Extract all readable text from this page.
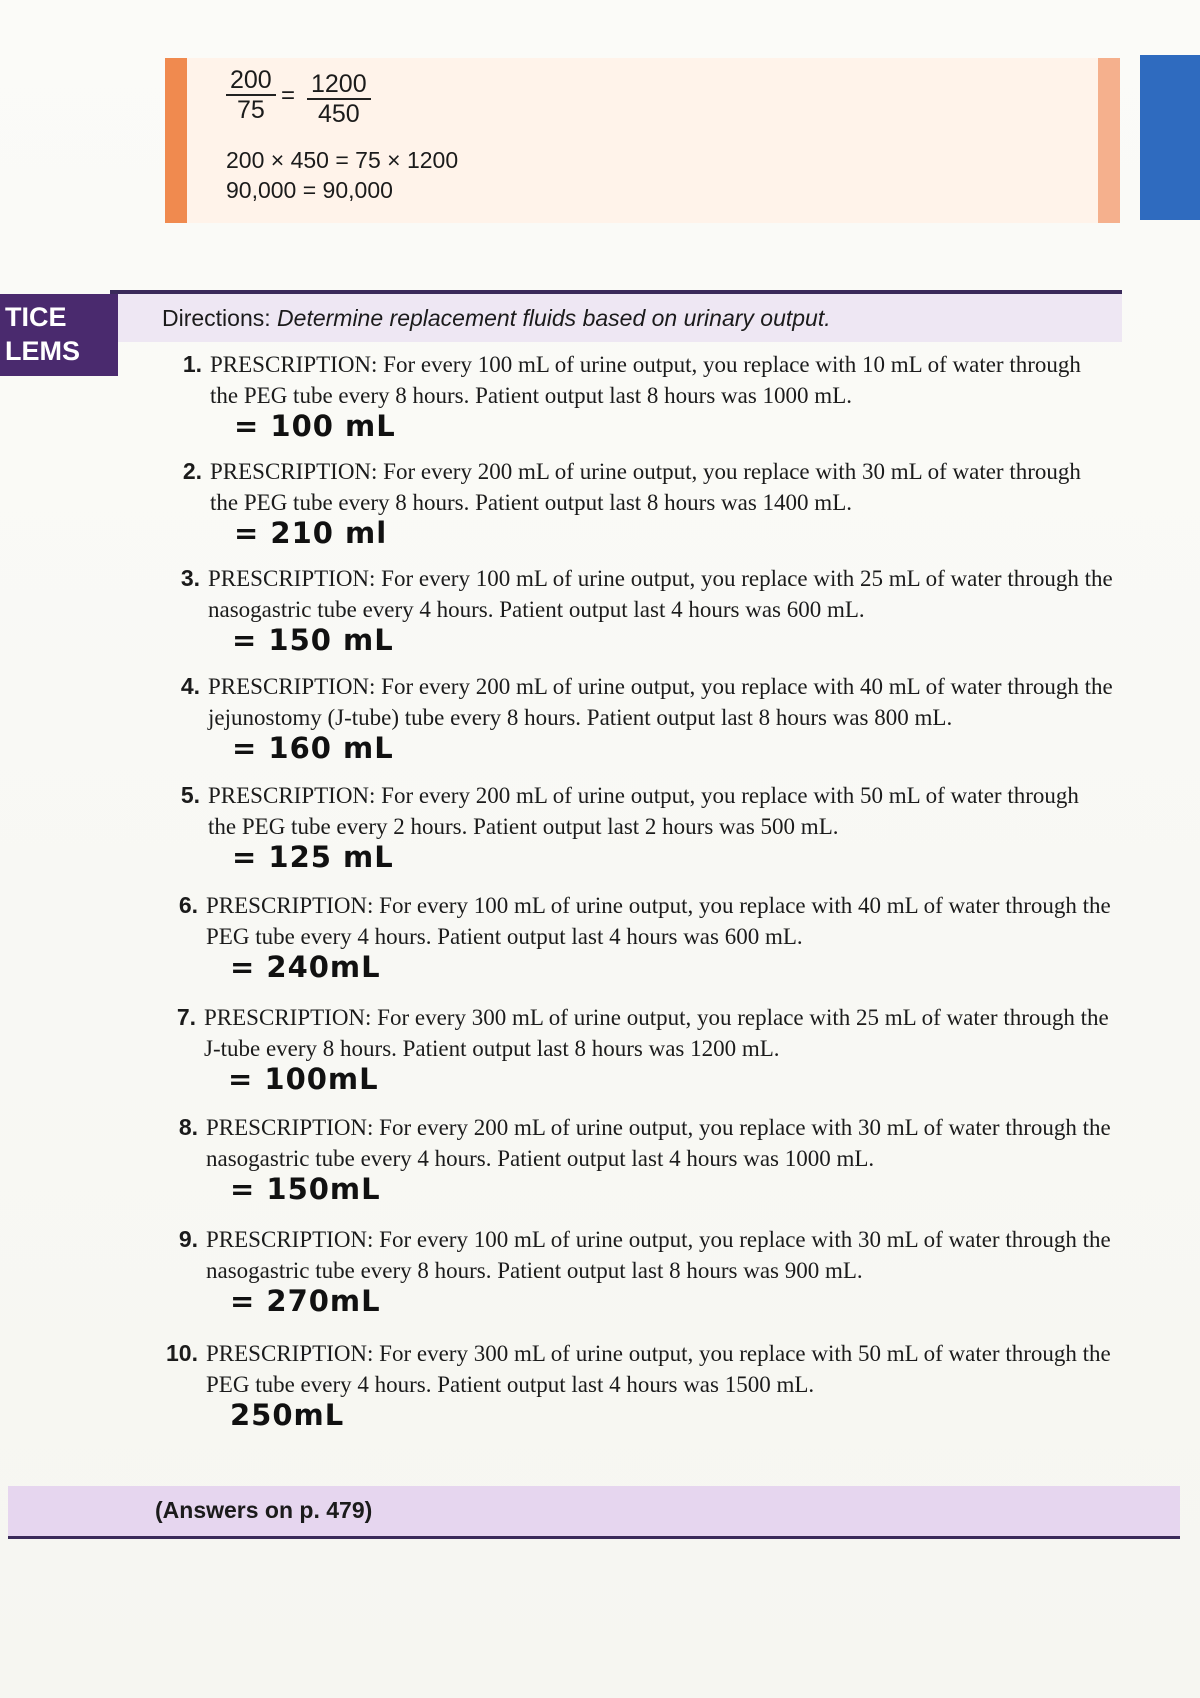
$\frac{200}{75} = \frac{1200}{450}$
200 × 450 = 75 × 1200
90,000 = 90,000
TICE
LEMS
Directions: Determine replacement fluids based on urinary output.
1. PRESCRIPTION: For every 100 mL of urine output, you replace with 10 mL of water through the PEG tube every 8 hours. Patient output last 8 hours was 1000 mL.
= 100 mL
2. PRESCRIPTION: For every 200 mL of urine output, you replace with 30 mL of water through the PEG tube every 8 hours. Patient output last 8 hours was 1400 mL.
= 210 ml
3. PRESCRIPTION: For every 100 mL of urine output, you replace with 25 mL of water through the nasogastric tube every 4 hours. Patient output last 4 hours was 600 mL.
= 150 mL
4. PRESCRIPTION: For every 200 mL of urine output, you replace with 40 mL of water through the jejunostomy (J-tube) tube every 8 hours. Patient output last 8 hours was 800 mL.
= 160 mL
5. PRESCRIPTION: For every 200 mL of urine output, you replace with 50 mL of water through the PEG tube every 2 hours. Patient output last 2 hours was 500 mL.
= 125 mL
6. PRESCRIPTION: For every 100 mL of urine output, you replace with 40 mL of water through the PEG tube every 4 hours. Patient output last 4 hours was 600 mL.
= 240mL
7. PRESCRIPTION: For every 300 mL of urine output, you replace with 25 mL of water through the J-tube every 8 hours. Patient output last 8 hours was 1200 mL.
= 100mL
8. PRESCRIPTION: For every 200 mL of urine output, you replace with 30 mL of water through the nasogastric tube every 4 hours. Patient output last 4 hours was 1000 mL.
= 150mL
9. PRESCRIPTION: For every 100 mL of urine output, you replace with 30 mL of water through the nasogastric tube every 8 hours. Patient output last 8 hours was 900 mL.
= 270mL
10. PRESCRIPTION: For every 300 mL of urine output, you replace with 50 mL of water through the PEG tube every 4 hours. Patient output last 4 hours was 1500 mL.
250mL
(Answers on p. 479)
